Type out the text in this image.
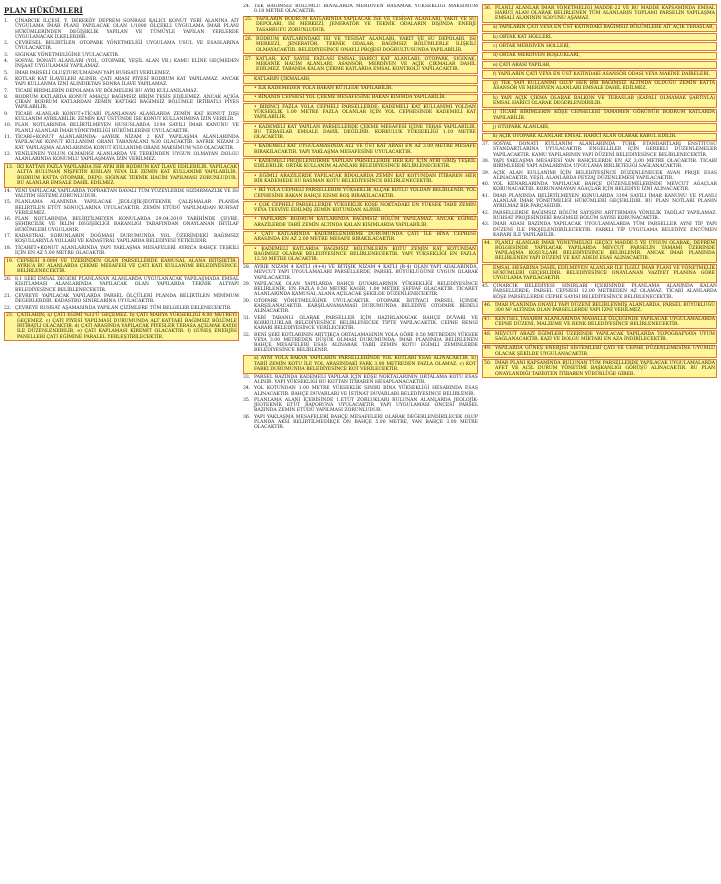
PLAN HÜKÜMLERİ
1.	ÇİNARCIK İLÇESİ, Y. DEREKÖY DEPREM SONRASI KALICI KONUT YERİ ALANINA AİT UYGULAMA İMAR PLANI YAPILACAK OLAN 1/1000 ÖLÇEKLİ UYGULAMA İMAR PLANI HÜKÜMLERİNDEN DEĞİŞİKLİK YAPILAN VE TÜMÜYLE YAPILAN YERLERDE UYGULANACAK İLKELERDİR.
2.	ÇEVRESEL BELİRTİLEN OTOPARK YÖNETMELİĞİ UYGULAMA USUL VE ESASLARINA UYULACAKTIR.
3.	SIĞINAK YÖNETMELİĞİNE UYULACAKTIR.
4.	SOSYAL DONATI ALANLARI (YOL, OTOPARK, YEŞİL ALAN VB.) KAMU ELİNE GEÇMEDEN İNŞAAT UYGULAMASI YAPILAMAZ.
5.	İMAR PARSELİ OLUŞTURULMADAN YAPI RUHSATI VERİLEMEZ.
6.	KOTLAR KAT İLAVELERİ ALINIR. ÇATI ARASI PİYESİ BODRUM KAT YAPILAMAZ. ANCAK YAPI KULLANMA İZNİ ALINDIKTAN SONRA İLAVE YAPILAMAZ.
7.	TİCARİ BİRİMLERİN DEPOLAMA VE BÖLMELERİ BU AYRI KULLANILAMAZ.
8.	BODRUM KATLARDA KONUT AMAÇLI BAĞIMSIZ BİRİM TESİS EDİLEMEZ. ANCAK AÇIĞA ÇIKAN BODRUM KATLARDAN ZEMİN KATTAKİ BAĞIMSIZ BÖLÜMLE İRTİBATLI PİYES YAPILABİLİR.
9.	TİCARİ ALANLAR KONUT+TİCARİ PLANLANAN ALANLARDA ZEMİN KAT KONUT DIŞI KULLANIM AYRILABİLİR. ZEMİN KAT ÜSTÜNDE İSE KONUT KULLANIMINA İZİN VERİLİR.
10. PLAN NOTLARINDA BELİRTİLMEYEN HUSUSLARDA 3194 SAYILI İMAR KANUNU VE PLANLI ALANLAR İMAR YÖNETMELİĞİ HÜKÜMLERİNE UYULACAKTIR.
11. TİCARİ+KONUT ALANLARINDA; aAYRIK NİZAM 2 KAT YAPILAŞMA ALANLARINDA YAPILACAK KONUT KULLANIMI ORANI TABANALANI %30 OLACAKTIR. bAYRIK NİZAM 3 KAT YAPILAŞMA ALANLARINDA KONUT KULLANIMI ORANI MAKSİMUM %50 OLACAKTIR.
12. YENİLENEN YOLUN OLMADIĞI ALANLARDA VE TERKİNDEN UYGUN OLMAYAN DOLGU ALANLARINDA KONUMLU YAPILAŞMAYA İZİN VERİLMEZ.
13. İKİ KATTAN FAZLA YAPILARDA İSE AYRI BİR BODRUM KAT İLAVE EDİLEBİLİR. YAPILACAK ALTTA BULUNAN NİŞPETİN KISILAN YEVA İLE ZEMİN KAT KULLANIMI YAPILABİLİR. BODRUM KATTA OTOPARK, DEPO, SIĞINAK TEKNİK HACİM YAPILMASI ZORUNLUDUR. BU ALANLAR EMSALE DAHİL EDİLMEZ.
14. YENİ YAPILACAK YAPILARDA TOPRAKTAN DAVALI TÜM YÜZEYLERDE SIZDIRMAZLIK VE ISI YALITIM SİSTEMİ ZORUNLUDUR.
15. PLANLAMA ALANINDA YAPILACAK JEOLOJİK-JEOTEKNİK ÇALIŞMALAR PLANDA BELİRTİLEN ETÜT SONUÇLARINA UYULACAKTIR. ZEMİN ETÜDÜ YAPILMADAN RUHSAT VERİLEMEZ.
16. PLAN NOTLARINDA BELİRTİLMEYEN KONULARDA 29.04.2019 TARİHİNDE ÇEVRE, ŞEHİRCİLİK VE İKLİM DEĞİŞİKLİĞİ BAKANLIĞI TARAFINDAN ONAYLANAN İHTİLAF HÜKÜMLERİ UYGULANIR.
17. KADASTRAL SORUNLARIN DOĞMASI DURUMUNDA YOL ÜZERİNDEKİ BAĞIMSIZ KOŞULLARIYLA YOLLARI VE KADASTRAL YAPILARDA BELEDİYESİ YETKİLİDİR.
18. TİCARET+KONUT ALANLARINDA YAPI YAKLAŞMA MESAFELERİ AYRICA BAHÇE TEŞKİLİ İÇİN EN AZ 5.00 METRE OLACAKTIR.
19. CEPHESİ 9.00M VE ÜZERİNDEN OLAN PARSELLERDE KAMUSAL ALANA BİTİŞİKTİR. AYRICA BU ALANLARDA ÇEKME MESAFESİ VE ÇATI KATI KULLANIMI BELEDİYESİNCE BELİRLENECEKTİR.
20. 8.1 SEKİ EMSAL DEĞERİ PLANLANAN ALANLARDA UYGULANACAK YAPILAŞMADA EMSAL KISITLAMASI ALANLARINDA YAPILACAK OLAN YAPILARDA TEKNİK ALTYAPI BELEDİYESİNCE BELİRLENECEKTİR.
21. ÇEVREYE YAPILACAK YAPILARDA PARSEL ÖLÇÜLERİ PLANDA BELİRTİLEN MİNİMUM DEĞERLERDİR. KADASTRO SINIRLARINA UYULACAKTIR.
22. ÇEVREYE RUHSAT AŞAMASINDA YAPILAN ÇİZİMLERE TÜM BELGELER EKLENECEKTİR.
23. ÇATILARIN; a) ÇATI EĞİMİ %33'Ü GEÇEMEZ. b) ÇATI MAHYA YÜKSEKLİĞİ 4.00 METREYİ GEÇEMEZ. c) ÇATI PİYESİ YAPILMASI DURUMUNDA ALT KATTAKİ BAĞIMSIZ BÖLÜMLE İRTİBATLI OLACAKTIR. d) ÇATI ARASINDA YAPILACAK PİYESLER TERASA AÇILMAK KAYDI İLE DÜZENLENEBİLİR. e) ÇATI KAPLAMASI KİREMİT OLACAKTIR. f) GÜNEŞ ENERJİSİ PANELLERİ ÇATI EĞİMİNE PARALEL YERLEŞTİRİLECEKTİR.
24. TEK BAĞIMSIZ BOLUMLÜ BİNALARDA MERDİVEN BASAMAK YÜKSEKLİĞİ MAKSİMUM 0.18 METRE OLACAKTIR.
25. YAPILARIN BODRUM KATLARINDA YAPILACAK İSE VE TESİSAT ALANLARI, YAKIT VE SU DEPOLARI, ISI MERKEZİ, JENERATÖR VE TEKNİK ODALARIN DIŞINDA ENERJİ TASARRUFU ZORUNLUDUR.
26. BODRUM KATLARINDAKİ İSİ VE TESİSAT ALANLARI, YAKIT VE SU DEPOLARI, ISI MERKEZİ, JENERATÖR, TEKNİK ODALAR; BAĞIMSIZ BÖLÜMLERLE İLİŞKİLİ OLMAYACAKTIR. BELEDİYESİNCE ONAYLI PROJESİ DOĞRULTUSUNDA YAPILABİLİR.
27. KATLAR: KAT SAYISI FAZLASI EMSAL HARİCİ KAT ALANLARI; OTOPARK, SIĞINAK, MEKANİK HACİM ALANLARI, ASANSÖR, MERDİVEN VE AÇIK ÇIKMALAR DAHİL EDİLMEZ. TABANDA KALAN ÇEKME KATLARDA EMSAL KONTROLÜ YAPILACAKTIR.
KATLARIN ÇIKMALARI;
• İLK KADEMEDEN YOLA BAKAN KÜTLEDE YAPILABİLİR.
• BİNANIN CEPHESİ YOL ÇEKME MESAFESİNE BAKAN KISIMDA YAPILABİLİR.
• BİRİNCİ FAZLA YOLA CEPHELİ PARSELLERDE; KADEMELİ KAT KULLANIMI YOLDAN YÜKSEKLİK 1.00 METRE FAZLA OLANLAR İÇİN YOL CEPHESİNDE KADEMELİ KAT YAPILABİLİR.
• KADEMELİ KAT YAPILAN PARSELLERDE ÇEKME MESAFESİ İÇİNE TERAS YAPILABİLİR. BU TERASLAR EMSALE DAHİL DEĞİLDİR. KORKULUK YÜKSEKLİĞİ 1.10 METRE OLACAKTIR.
• KADEMELİ KAT UYGULAMASINDA ALT VE ÜST KAT ARASI EN AZ 3.00 METRE MESAFE BIRAKILACAKTIR. YAPI YAKLAŞMA MESAFESİNE UYULACAKTIR.
• KADEMELİ PROJELENDİRME YAPILAN PARSELLERDE HER KAT İÇİN AYRI GİRİŞ TEŞKİL EDİLEBİLİR. ORTAK KULLANIM ALANLARI BELEDİYESİNCE BELİRLENECEKTİR.
• EĞİMLİ ARAZİLERDE YAPILACAK BİNALARDA ZEMİN KAT KOTUNDAN İTİBAREN HER BİR KADEMEDE SU BASMAN KOTU BELEDİYESİNCE BELİRLENECEKTİR.
• İKİ YOLA CEPHELİ PARSELLERDE YÜKSEKLİK ALÇAK KOTLU YOLDAN BELİRLENİR. YOL CEPHESİNE BAKAN BAHÇE KISMI BOŞ BIRAKILACAKTIR.
• ÇOK CEPHELİ PARSELLERDE YÜKSEKLİK KÖŞE NOKTADAKİ EN YÜKSEK TABİİ ZEMİN VEYA TESVİYE EDİLMİŞ ZEMİN KOTUNDAN ALINIR.
• YAPILARIN BODRUM KATLARINDA BAĞIMSIZ BÖLÜM YAPILAMAZ. ANCAK EĞİMLİ ARAZİLERDE TABİİ ZEMİN ALTINDA KALAN KISIMLARDA YAPILABİLİR.
• ÇATI KATLARINDA KADEMELENDİRME DURUMUNDA ÇATI İLE BİNA CEPHESİ ARASINDA EN AZ 2.00 METRE MESAFE BIRAKILACAKTIR.
• KADEMELİ KATLARDA BAĞIMSIZ BÖLÜMLERİN KOTU ZEMİN KAT KOTUNDAN BAĞIMSIZ OLARAK BELEDİYESİNCE BELİRLENECEKTİR. YAPI YÜKSEKLİĞİ EN FAZLA 12.50 METRE OLACAKTIR.
28. AYRIK NİZAM 4 KATLI (4+4) VE BİTİŞİK NİZAM 4 KATLI (B-4) OLAN YAPI ADALARINDA, MEVCUT YAPI UYGULAMALARI PARSELLERDE, PARSEL BÜYÜKLÜĞÜNE UYGUN OLARAK YAPILACAKTIR.
29. YAPILACAK OLAN YAPILARDA BAHÇE DUVARLARININ YÜKSEKLİĞİ BELEDİYESİNCE BELİRLENİR. EN FAZLA 0.50 METRE KAGİR, 1.00 METRE ŞEFFAF OLACAKTIR. TİCARET ALANLARINDA KAMUSAL ALANA AÇILACAK ŞEKİLDE DÜZENLENECEKTİR.
30. OTOPARK YÖNETMELİĞİNE UYULACAKTIR. OTOPARK İHTİYACI PARSEL İÇİNDE KARŞILANACAKTIR. KARŞILANAMAMASI DURUMUNDA BELEDİYE OTOPARK BEDELİ ALINACAKTIR.
31. VERİ TABANLI OLARAK PARSELLER İÇİN HAZIRLANACAK BAHÇE DUVARI VE KORKULUKLAR BELEDİYESİNCE BELİRLENECEK TİPTE YAPILACAKTIR. CEPHE RENGİ KARARI BELEDİYESİNCE VERİLECEKTİR.
32. BENİ ŞEKİ KOTLARININ ARTTIKÇA ORTALAMASININ YOLA GÖRE 0.50 METREDEN YÜKSEK VEYA 3.00 METREDEN DÜŞÜK OLMASI DURUMUNDA; İMAR PLANINDA BELİRLENEN BAHÇE MESAFELERİ ESAS ALINARAK TABİİ ZEMİN KOTU EĞİMLİ ZEMİNLERDE BELEDİYESİNCE BELİRLENİR.
a) AYNI YOLA BAKAN YAPILARIN PARSELLERİNDE YOL KOTLARI ESAS ALINACAKTIR. b) TABİİ ZEMİN KOTU İLE YOL ARASINDAKİ FARK 3.00 METREDEN FAZLA OLAMAZ. c) KOT FARKI DURUMUNDA BELEDİYESİNCE KOT VERİLECEKTİR.
33. PARSEL BAZINDA KADEMELİ YAPILAR İÇİN KÖŞE NOKTALARININ ORTALAMA KOTU ESAS ALINIR. YAPI YÜKSEKLİĞİ BU KOTTAN İTİBAREN HESAPLANACAKTIR.
34. YOL KOTUNDAN 1.00 METRE YÜKSEKLİK SINIRI BİNA YÜKSEKLİĞİ HESABINDA ESAS ALINACAKTIR. BAHÇE DUVARLARI VE İSTİNAT DUVARLARI BELEDİYESİNCE BELİRLENİR.
35. PLANLAMA ALANI İÇERİSİNDE 1.ETÜT ZORLUKLARI BULUNAN ALANLARDA JEOLOJİK-JEOTEKNİK ETÜT RAPORUNA UYULACAKTIR. YAPI UYGULAMASI ÖNCESİ PARSEL BAZINDA ZEMİN ETÜDÜ YAPILMASI ZORUNLUDUR.
36. YAPI YAKLAŞMA MESAFELERİ BAHÇE MESAFELERİ OLARAK DEĞERLENDİRİLECEK OLUP PLANDA AKSİ BELİRTİLMEDİKÇE ÖN BAHÇE 5.00 METRE, YAN BAHÇE 3.00 METRE OLACAKTIR.
36. PLANLI ALANLAR İMAR YÖNETMELİĞİ MADDE-22 VE BU MADDE KAPSAMINDA EMSAL HARİCİ ALAN OLARAK BELİRLENEN TÜM ALANLARIN TOPLAMI PARSELİN YAPILAŞMA EMSALİ ALANININ %30'UNU AŞAMAZ.
a) YAPILARIN ÇATI VEYA EN ÜST KATINDAKİ BAĞIMSIZ BÖLÜMLERE AİT AÇIK TERASLAR,
b) ORTAK KAT HOLLERİ,
c) ORTAK MERDİVEN HOLLERİ,
d) ORTAK MERDİVEN BOŞLUKLARI,
e) ÇATI ARASI YAPILAR,
f) YAPILARIN ÇATI VEYA EN ÜST KATINDAKİ ASANSÖR ODASI VEYA MAKİNE DAİRELERİ,
g) TEK YAPI KULLANIMI OLUP HER BİR BAĞIMSIZ ALTINDA OLDUĞU ZEMİN KATTA ASANSÖR VE MERDİVEN ALANLARI EMSALE DAHİL EDİLMEZ.
h) YAPI AÇIK ÇIKMA OLARAK BALKON VE TERASLAR (KAPALI OLMAMAK ŞARTIYLA) EMSAL HARİCİ OLARAK DEĞERLENDİRİLİR.
i) TİCARİ BİRİMLERİN KÖŞE CEPHELERİ TAMAMEN GÖRÜNÜR BODRUM KATLARDA YAPILABİLİR.
j) OTOPARK ALANLARI,
k) AÇIK OTOPARK ALANLARI EMSAL HARİCİ ALAN OLARAK KABUL EDİLİR.
37. SOSYAL DONATI KULLANIM ALANLARINDA TÜRK STANDARTLARI ENSTİTÜSÜ STANDARTLARINA UYULACAKTIR. ENGELLİLER İÇİN GEREKLİ DÜZENLEMELER YAPILACAKTIR. KAMU YAPILARININ YAPI DÜZENİ BELEDİYESİNCE BELİRLENECEKTİR.
38. YAPI YAKLAŞMA MESAFESİ YAN BAHÇELERDE EN AZ 3.00 METRE OLACAKTIR. TİCARİ BİRİMLERDE YAPI ADALARINDA UYGULAMA BİRLİKTELİĞİ SAĞLANACAKTIR.
39. AÇIK ALAN KULLANIMI İÇİN BELEDİYESİNCE DÜZENLENECEK AVAN PROJE ESAS ALINACAKTIR. YEŞİL ALANLARDA PEYZAJ DÜZENLEMESİ YAPILACAKTIR.
40. YOL KENARLARINDA YAPILACAK BAHÇE DÜZENLEMELERİNDE MEVCUT AĞAÇLAR KORUNACAKTIR. KORUNAMAYAN AĞAÇLAR İÇİN BELEDİYE İZNİ ALINACAKTIR.
41. İMAR PLANINDA BELİRTİLMEYEN KONULARDA 3194 SAYILI İMAR KANUNU VE PLANLI ALANLAR İMAR YÖNETMELİĞİ HÜKÜMLERİ GEÇERLİDİR. BU PLAN NOTLARI PLANIN AYRILMAZ BİR PARÇASIDIR.
42. PARSELLERDE BAĞIMSIZ BÖLÜM SAYISINI ARTTIRMAYA YÖNELİK TADİLAT YAPILAMAZ. RUHSAT PROJESİNDEKİ BAĞIMSIZ BÖLÜM SAYISI KORUNACAKTIR.
43. İMAR ADASI BAZINDA YAPILACAK UYGULAMALARDA TÜM PARSELLER AYNI TİP YAPI DÜZENİ İLE PROJELENDİRİLECEKTİR. FARKLI TİP UYGULAMA BELEDİYE ENCÜMEN KARARI İLE YAPILABİLİR.
44. PLANLI ALANLAR İMAR YÖNETMELİĞİ GEÇİCİ MADDE-5 YE UYGUN OLARAK; DEPREM BÖLGESİNDE YAPILACAK YAPILARDA MEVCUT PARSELİN TAMAMI ÜZERİNDE YAPILAŞMA KOŞULLARI BELEDİYESİNCE BELİRLENİR. ANCAK İMAR PLANINDA BELİRLENEN YAPI DÜZENİ VE KAT ADEDİ ESAS ALINACAKTIR.
EMSAL HESABINA DAHİL EDİLMEYEN ALANLAR İLE İLGİLİ İMAR PLANI VE YÖNETMELİK HÜKÜMLERİ GEÇERLİDİR. BELEDİYESİNCE ONAYLANAN VAZİYET PLANINA GÖRE UYGULAMA YAPILACAKTIR.
45. ÇINARCIK BELEDİYESİ SINIRLARI İÇERİSİNDE PLANLAMA ALANINDA KALAN PARSELLERDE; PARSEL CEPHESİ 12.00 METREDEN AZ OLAMAZ. TİCARİ ALANLARDA KÖŞE PARSELLERDE CEPHE SAYISI BELEDİYESİNCE BELİRLENECEKTİR.
46. İMAR PLANINDA ONAYLI YAPI DÜZENİ BELİRLENMİŞ ALANLARDA, PARSEL BÜYÜKLÜĞÜ 300 M² ALTINDA OLAN PARSELLERDE YAPI İZNİ VERİLMEZ.
47. KENTSEL TASARIM ALANLARINDA MAHALLE ÖLÇEĞİNDE YAPILACAK UYGULAMALARDA CEPHE DÜZENİ, MALZEME VE RENK BELEDİYESİNCE BELİRLENECEKTİR.
48. MEVCUT ARAZİ EĞİMLERİ ÜZERİNDE YAPILACAK YAPILARDA TOPOĞRAFYAYA UYUM SAĞLANACAKTIR. KAZI VE DOLGU MİKTARI EN AZA İNDİRİLECEKTİR.
49. YAPILARDA GÜNEŞ ENERJİSİ SİSTEMLERİ ÇATI VE CEPHE DÜZENLEMESİNE UYUMLU OLACAK ŞEKİLDE UYGULANACAKTIR.
50. İMAR PLANI KAPSAMINDA BULUNAN TÜM PARSELLERDE YAPILACAK UYGULAMALARDA AFET VE ACİL DURUM YÖNETİMİ BAŞKANLIĞI GÖRÜŞÜ ALINACAKTIR. BU PLAN ONAYLANDIĞI TARİHTEN İTİBAREN YÜRÜRLÜĞE GİRER.
